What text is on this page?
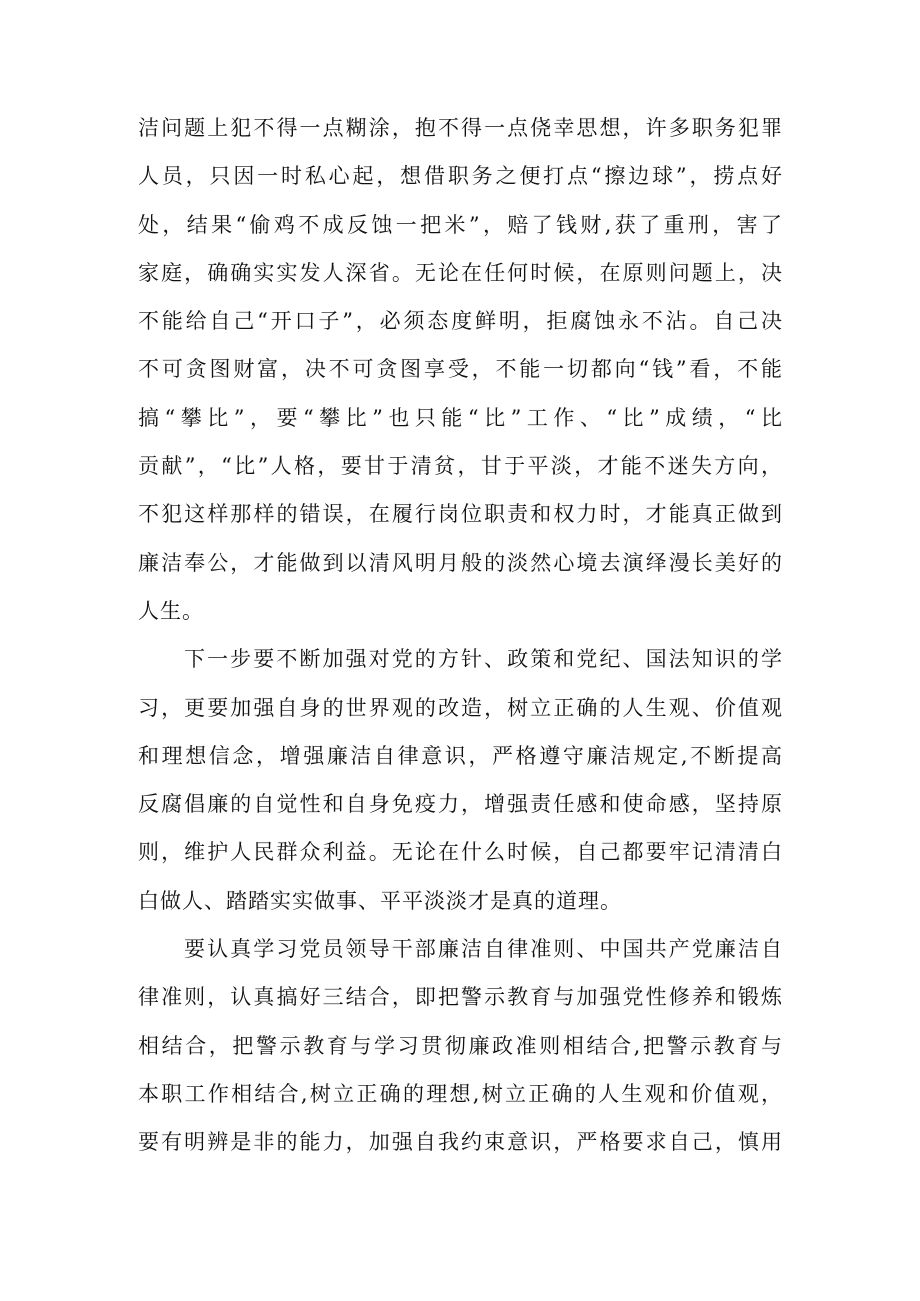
洁问题上犯不得一点糊涂，抱不得一点侥幸思想，许多职务犯罪
人员，只因一时私心起，想借职务之便打点“擦边球”，捞点好
处，结果“偷鸡不成反蚀一把米”，赔了钱财,获了重刑，害了
家庭，确确实实发人深省。无论在任何时候，在原则问题上，决
不能给自己“开口子”，必须态度鲜明，拒腐蚀永不沾。自己决
不可贪图财富，决不可贪图享受，不能一切都向“钱”看，不能
搞“攀比”，要“攀比”也只能“比”工作、“比”成绩，“比
贡献”，“比”人格，要甘于清贫，甘于平淡，才能不迷失方向，
不犯这样那样的错误，在履行岗位职责和权力时，才能真正做到
廉洁奉公，才能做到以清风明月般的淡然心境去演绎漫长美好的
人生。
下一步要不断加强对党的方针、政策和党纪、国法知识的学
习，更要加强自身的世界观的改造，树立正确的人生观、价值观
和理想信念，增强廉洁自律意识，严格遵守廉洁规定,不断提高
反腐倡廉的自觉性和自身免疫力，增强责任感和使命感，坚持原
则，维护人民群众利益。无论在什么时候，自己都要牢记清清白
白做人、踏踏实实做事、平平淡淡才是真的道理。
要认真学习党员领导干部廉洁自律准则、中国共产党廉洁自
律准则，认真搞好三结合，即把警示教育与加强党性修养和锻炼
相结合，把警示教育与学习贯彻廉政准则相结合,把警示教育与
本职工作相结合,树立正确的理想,树立正确的人生观和价值观，
要有明辨是非的能力，加强自我约束意识，严格要求自己，慎用
